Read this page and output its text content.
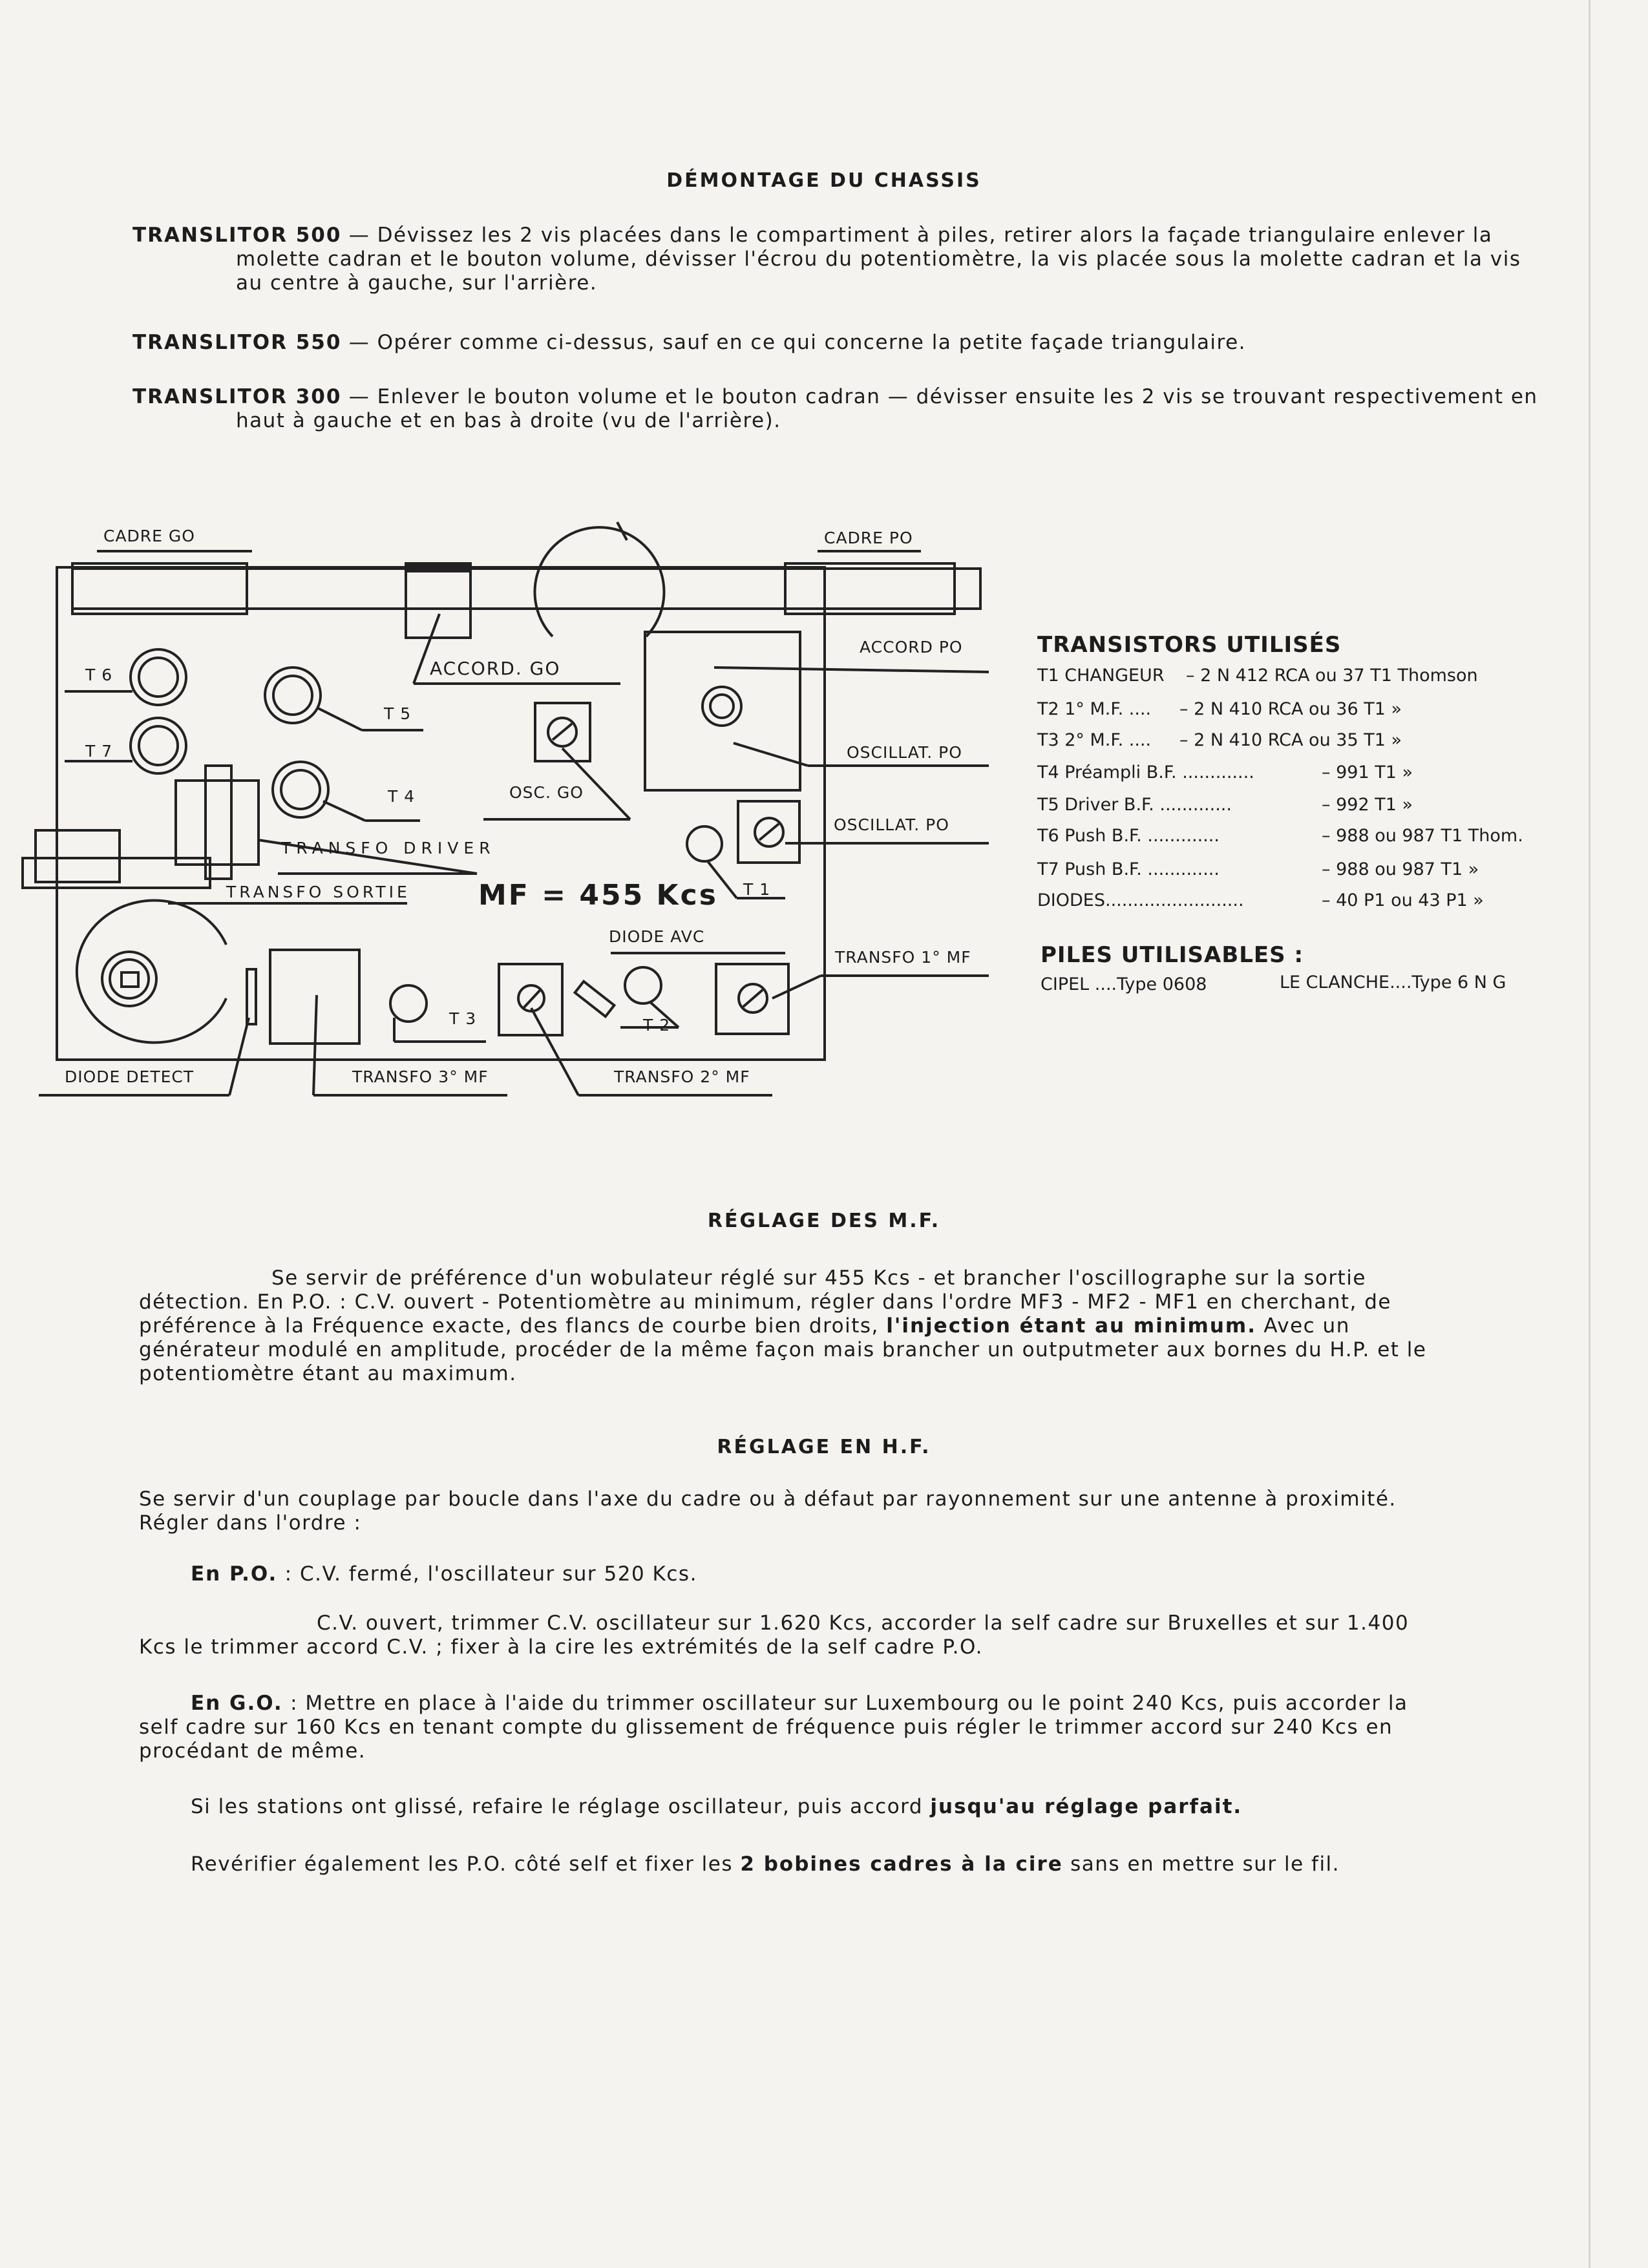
DÉMONTAGE DU CHASSIS
TRANSLITOR 500 — Dévissez les 2 vis placées dans le compartiment à piles, retirer alors la façade triangulaire enlever la molette cadran et le bouton volume, dévisser l'écrou du potentiomètre, la vis placée sous la molette cadran et la vis au centre à gauche, sur l'arrière.
TRANSLITOR 550 — Opérer comme ci-dessus, sauf en ce qui concerne la petite façade triangulaire.
TRANSLITOR 300 — Enlever le bouton volume et le bouton cadran — dévisser ensuite les 2 vis se trouvant respectivement en haut à gauche et en bas à droite (vu de l'arrière).
CADRE GO	CADRE PO
ACCORD PO
ACCORD. GO
T 6
T 7
T 5
T 4	OSC. GO
OSCILLAT. PO
OSCILLAT. PO
TRANSFO DRIVER
TRANSFO SORTIE MF = 455 Kcs T 1
DIODE AVC
TRANSFO 1° MF
T 3	T 2
DIODE DETECT	TRANSFO 3° MF	TRANSFO 2° MF
TRANSISTORS UTILISÉS
T1 CHANGEUR – 2 N 412 RCA ou 37 T1 Thomson
T2 1° M.F. .... – 2 N 410 RCA ou 36 T1 »
T3 2° M.F. .... – 2 N 410 RCA ou 35 T1 »
T4 Préampli B.F. .............	– 991 T1 »
T5 Driver B.F. .............	– 992 T1 »
T6 Push B.F. .............	– 988 ou 987 T1 Thom.
T7 Push B.F. .............	– 988 ou 987 T1 »
DIODES.........................	– 40 P1 ou 43 P1 »
PILES UTILISABLES :
CIPEL ....Type 0608	LE CLANCHE....Type 6 N G
RÉGLAGE DES M.F.
Se servir de préférence d'un wobulateur réglé sur 455 Kcs - et brancher l'oscillographe sur la sortie détection. En P.O. : C.V. ouvert - Potentiomètre au minimum, régler dans l'ordre MF3 - MF2 - MF1 en cherchant, de préférence à la Fréquence exacte, des flancs de courbe bien droits, l'injection étant au minimum. Avec un générateur modulé en amplitude, procéder de la même façon mais brancher un outputmeter aux bornes du H.P. et le potentiomètre étant au maximum.
RÉGLAGE EN H.F.
Se servir d'un couplage par boucle dans l'axe du cadre ou à défaut par rayonnement sur une antenne à proximité. Régler dans l'ordre :
En P.O. : C.V. fermé, l'oscillateur sur 520 Kcs.
C.V. ouvert, trimmer C.V. oscillateur sur 1.620 Kcs, accorder la self cadre sur Bruxelles et sur 1.400 Kcs le trimmer accord C.V. ; fixer à la cire les extrémités de la self cadre P.O.
En G.O. : Mettre en place à l'aide du trimmer oscillateur sur Luxembourg ou le point 240 Kcs, puis accorder la self cadre sur 160 Kcs en tenant compte du glissement de fréquence puis régler le trimmer accord sur 240 Kcs en procédant de même.
Si les stations ont glissé, refaire le réglage oscillateur, puis accord jusqu'au réglage parfait.
Revérifier également les P.O. côté self et fixer les 2 bobines cadres à la cire sans en mettre sur le fil.
